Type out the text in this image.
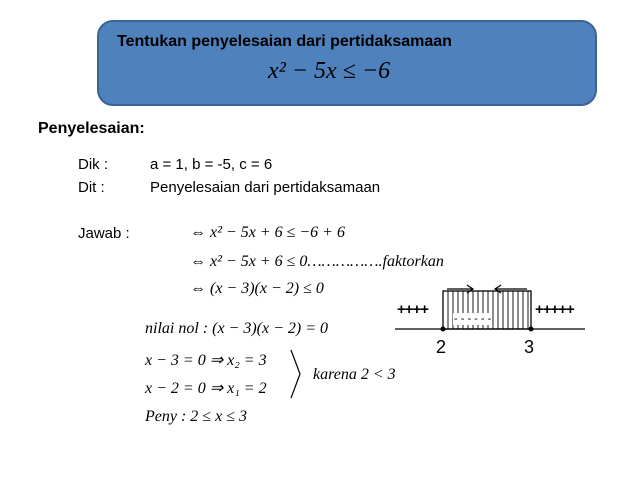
Tentukan penyelesaian dari pertidaksamaan
x² − 5x ≤ −6
Penyelesaian:
Dik :	a = 1, b = -5, c = 6
Dit :	Penyelesaian dari pertidaksamaan
Jawab :	⇔ x² − 5x + 6 ≤ −6 + 6
⇔ x² − 5x + 6 ≤ 0…………….faktorkan
⇔ (x − 3)(x − 2) ≤ 0
nilai nol : (x − 3)(x − 2) = 0
x − 3 = 0 ⇒ x₂ = 3
x − 2 = 0 ⇒ x₁ = 2
karena 2 < 3
Peny : 2 ≤ x ≤ 3
++++
- - - - - -
+++++
2	3
